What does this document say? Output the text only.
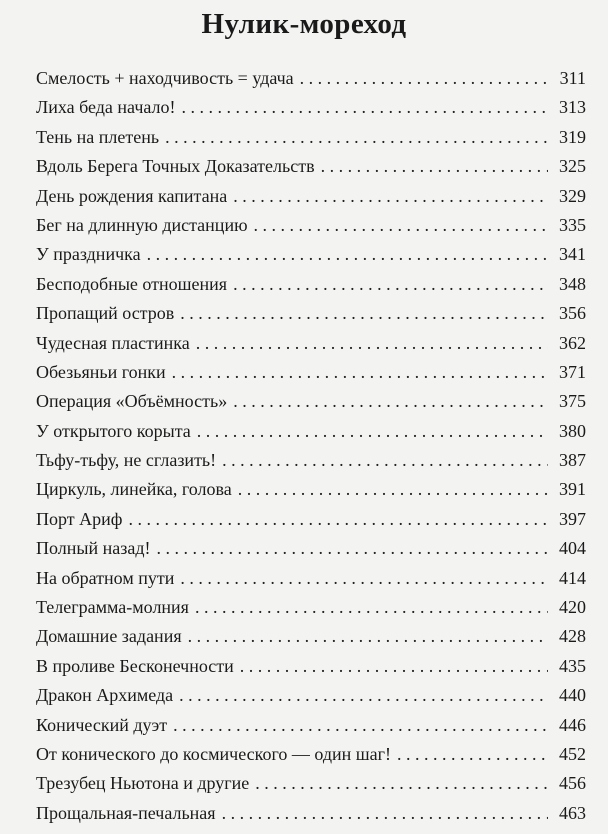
Нулик-мореход
Смелость + находчивость = удача . . .	311
Лиха беда начало! . . .	313
Тень на плетень . . .	319
Вдоль Берега Точных Доказательств . . .	325
День рождения капитана . . .	329
Бег на длинную дистанцию . . .	335
У праздничка . . .	341
Бесподобные отношения . . .	348
Пропащий остров . . .	356
Чудесная пластинка . . .	362
Обезьяньи гонки . . .	371
Операция «Объёмность» . . .	375
У открытого корыта . . .	380
Тьфу-тьфу, не сглазить! . . .	387
Циркуль, линейка, голова . . .	391
Порт Ариф . . .	397
Полный назад! . . .	404
На обратном пути . . .	414
Телеграмма-молния . . .	420
Домашние задания . . .	428
В проливе Бесконечности . . .	435
Дракон Архимеда . . .	440
Конический дуэт . . .	446
От конического до космического — один шаг! . . .	452
Трезубец Ньютона и другие . . .	456
Прощальная-печальная . . .	463
